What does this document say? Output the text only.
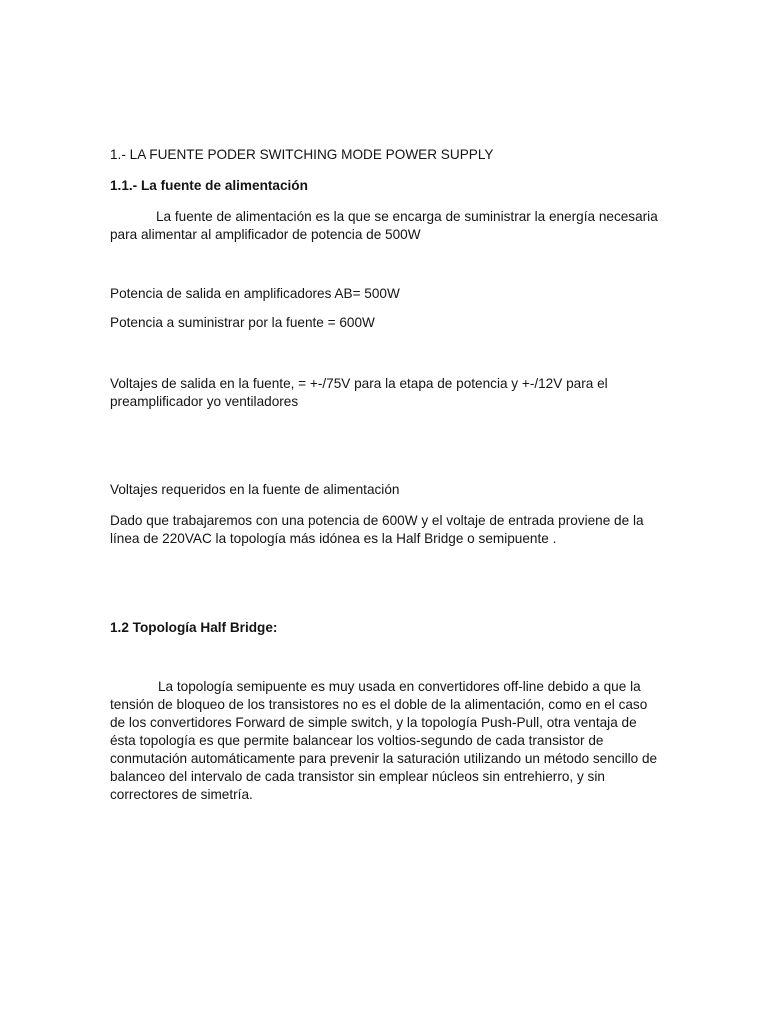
1.- LA FUENTE PODER SWITCHING MODE POWER SUPPLY

1.1.- La fuente de alimentación

La fuente de alimentación es la que se encarga de suministrar la energía necesaria para alimentar al amplificador de potencia de 500W

Potencia de salida en amplificadores AB= 500W

Potencia a suministrar por la fuente = 600W

Voltajes de salida en la fuente, = +-/75V para la etapa de potencia y +-/12V para el preamplificador yo ventiladores

Voltajes requeridos en la fuente de alimentación

Dado que trabajaremos con una potencia de 600W y el voltaje de entrada proviene de la línea de 220VAC la topología más idónea es la Half Bridge o semipuente .

1.2 Topología Half Bridge:

La topología semipuente es muy usada en convertidores off-line debido a que la tensión de bloqueo de los transistores no es el doble de la alimentación, como en el caso de los convertidores Forward de simple switch, y la topología Push-Pull, otra ventaja de ésta topología es que permite balancear los voltios-segundo de cada transistor de conmutación automáticamente para prevenir la saturación utilizando un método sencillo de balanceo del intervalo de cada transistor sin emplear núcleos sin entrehierro, y sin correctores de simetría.
